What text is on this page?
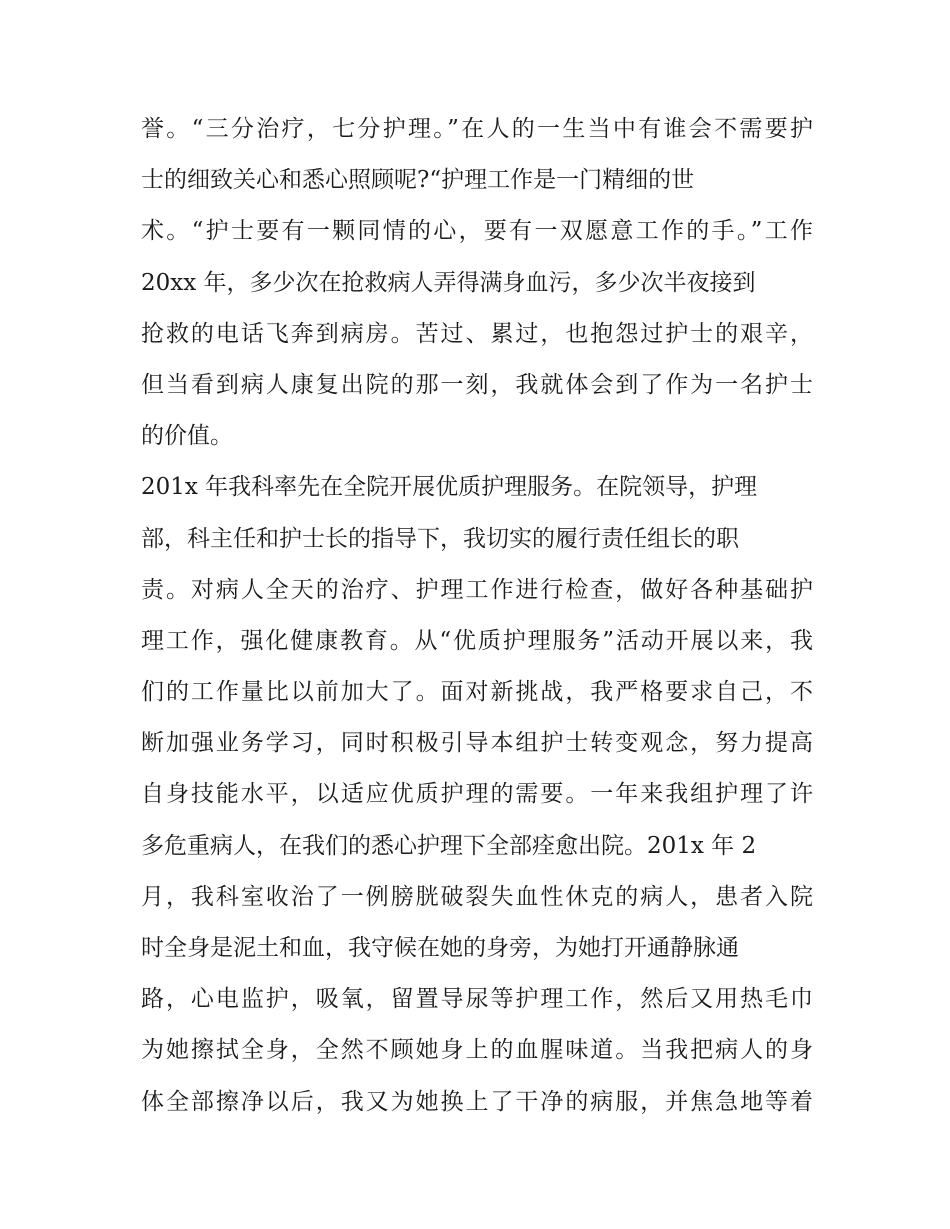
誉。“三分治疗，七分护理。”在人的一生当中有谁会不需要护
士的细致关心和悉心照顾呢?“护理工作是一门精细的世
术。“护士要有一颗同情的心，要有一双愿意工作的手。”工作
20xx 年，多少次在抢救病人弄得满身血污，多少次半夜接到
抢救的电话飞奔到病房。苦过、累过，也抱怨过护士的艰辛，
但当看到病人康复出院的那一刻，我就体会到了作为一名护士
的价值。
201x 年我科率先在全院开展优质护理服务。在院领导，护理
部，科主任和护士长的指导下，我切实的履行责任组长的职
责。对病人全天的治疗、护理工作进行检查，做好各种基础护
理工作，强化健康教育。从“优质护理服务”活动开展以来，我
们的工作量比以前加大了。面对新挑战，我严格要求自己，不
断加强业务学习，同时积极引导本组护士转变观念，努力提高
自身技能水平，以适应优质护理的需要。一年来我组护理了许
多危重病人，在我们的悉心护理下全部痊愈出院。201x 年 2
月，我科室收治了一例膀胱破裂失血性休克的病人，患者入院
时全身是泥土和血，我守候在她的身旁，为她打开通静脉通
路，心电监护，吸氧，留置导尿等护理工作，然后又用热毛巾
为她擦拭全身，全然不顾她身上的血腥味道。当我把病人的身
体全部擦净以后，我又为她换上了干净的病服，并焦急地等着
